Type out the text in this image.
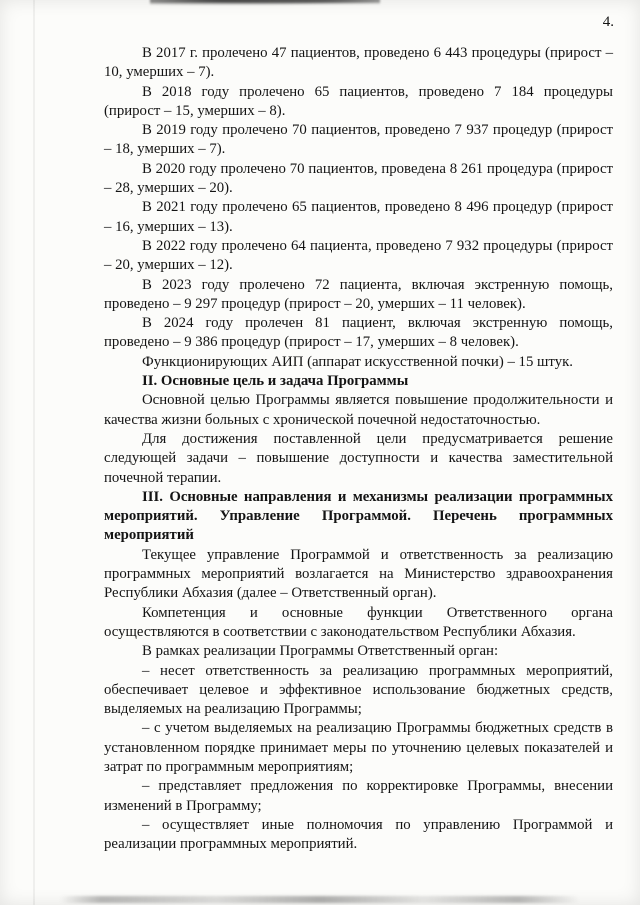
4.

В 2017 г. пролечено 47 пациентов, проведено 6 443 процедуры (прирост – 10, умерших – 7).

В 2018 году пролечено 65 пациентов, проведено 7 184 процедуры (прирост – 15, умерших – 8).

В 2019 году пролечено 70 пациентов, проведено 7 937 процедур (прирост – 18, умерших – 7).

В 2020 году пролечено 70 пациентов, проведена 8 261 процедура (прирост – 28, умерших – 20).

В 2021 году пролечено 65 пациентов, проведено 8 496 процедур (прирост – 16, умерших – 13).

В 2022 году пролечено 64 пациента, проведено 7 932 процедуры (прирост – 20, умерших – 12).

В 2023 году пролечено 72 пациента, включая экстренную помощь, проведено – 9 297 процедур (прирост – 20, умерших – 11 человек).

В 2024 году пролечен 81 пациент, включая экстренную помощь, проведено – 9 386 процедур (прирост – 17, умерших – 8 человек).

Функционирующих АИП (аппарат искусственной почки) – 15 штук.

II. Основные цель и задача Программы

Основной целью Программы является повышение продолжительности и качества жизни больных с хронической почечной недостаточностью.

Для достижения поставленной цели предусматривается решение следующей задачи – повышение доступности и качества заместительной почечной терапии.

III. Основные направления и механизмы реализации программных мероприятий. Управление Программой. Перечень программных мероприятий

Текущее управление Программой и ответственность за реализацию программных мероприятий возлагается на Министерство здравоохранения Республики Абхазия (далее – Ответственный орган).

Компетенция и основные функции Ответственного органа осуществляются в соответствии с законодательством Республики Абхазия.

В рамках реализации Программы Ответственный орган:

– несет ответственность за реализацию программных мероприятий, обеспечивает целевое и эффективное использование бюджетных средств, выделяемых на реализацию Программы;

– с учетом выделяемых на реализацию Программы бюджетных средств в установленном порядке принимает меры по уточнению целевых показателей и затрат по программным мероприятиям;

– представляет предложения по корректировке Программы, внесении изменений в Программу;

– осуществляет иные полномочия по управлению Программой и реализации программных мероприятий.
